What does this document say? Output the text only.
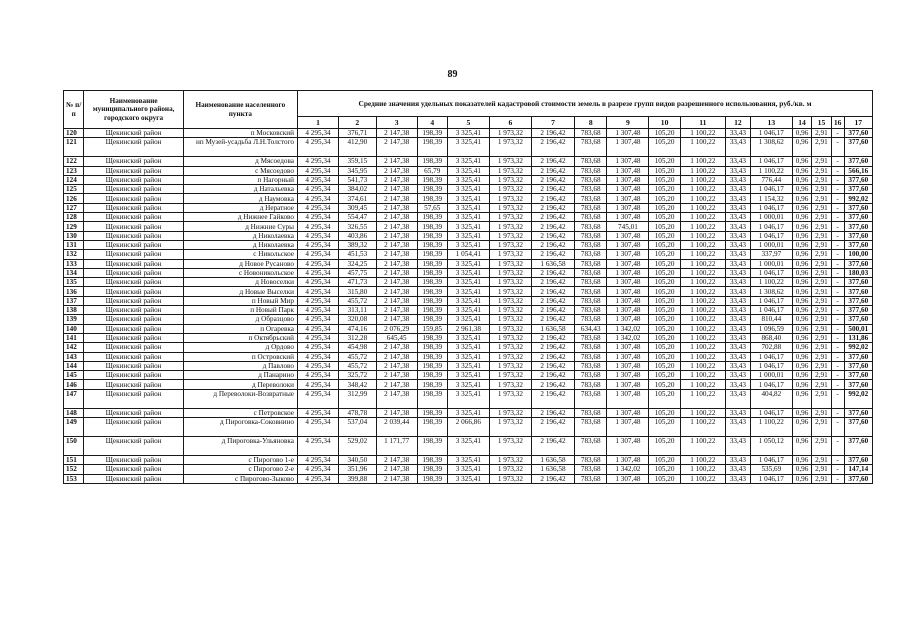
89
№ п/п	Наименование муниципального района, городского округа	Наименование населенного пункта	Средние значения удельных показателей кадастровой стоимости земель в разрезе групп видов разрешенного использования, руб./кв. м																
			1	2	3	4	5	6	7	8	9	10	11	12	13	14	15	16	17
120	Щекинский район	п Московский	4 295,34	376,71	2 147,38	198,39	3 325,41	1 973,32	2 196,42	783,68	1 307,48	105,20	1 100,22	33,43	1 046,17	0,96	2,91	-	377,60
121	Щекинский район	нп Музей-усадьба Л.Н.Толстого	4 295,34	412,90	2 147,38	198,39	3 325,41	1 973,32	2 196,42	783,68	1 307,48	105,20	1 100,22	33,43	1 308,62	0,96	2,91	-	377,60
122	Щекинский район	д Мясоедова	4 295,34	359,15	2 147,38	198,39	3 325,41	1 973,32	2 196,42	783,68	1 307,48	105,20	1 100,22	33,43	1 046,17	0,96	2,91	-	377,60
123	Щекинский район	с Мясоедово	4 295,34	345,95	2 147,38	65,79	3 325,41	1 973,32	2 196,42	783,68	1 307,48	105,20	1 100,22	33,43	1 100,22	0,96	2,91	-	566,16
124	Щекинский район	п Нагорный	4 295,34	541,73	2 147,38	198,39	3 325,41	1 973,32	2 196,42	783,68	1 307,48	105,20	1 100,22	33,43	776,44	0,96	2,91	-	377,60
125	Щекинский район	д Натальевка	4 295,34	384,02	2 147,38	198,39	3 325,41	1 973,32	2 196,42	783,68	1 307,48	105,20	1 100,22	33,43	1 046,17	0,96	2,91	-	377,60
126	Щекинский район	д Наумовка	4 295,34	374,61	2 147,38	198,39	3 325,41	1 973,32	2 196,42	783,68	1 307,48	105,20	1 100,22	33,43	1 154,32	0,96	2,91	-	992,02
127	Щекинский район	д Нератное	4 295,34	309,45	2 147,38	57,65	3 325,41	1 973,32	2 196,42	783,68	1 307,48	105,20	1 100,22	33,43	1 046,17	0,96	2,91	-	377,60
128	Щекинский район	д Нижнее Гайково	4 295,34	554,47	2 147,38	198,39	3 325,41	1 973,32	2 196,42	783,68	1 307,48	105,20	1 100,22	33,43	1 000,01	0,96	2,91	-	377,60
129	Щекинский район	д Нижние Суры	4 295,34	326,55	2 147,38	198,39	3 325,41	1 973,32	2 196,42	783,68	745,01	105,20	1 100,22	33,43	1 046,17	0,96	2,91	-	377,60
130	Щекинский район	д Николаевка	4 295,34	403,86	2 147,38	198,39	3 325,41	1 973,32	2 196,42	783,68	1 307,48	105,20	1 100,22	33,43	1 046,17	0,96	2,91	-	377,60
131	Щекинский район	д Николаевка	4 295,34	389,32	2 147,38	198,39	3 325,41	1 973,32	2 196,42	783,68	1 307,48	105,20	1 100,22	33,43	1 000,01	0,96	2,91	-	377,60
132	Щекинский район	с Никольское	4 295,34	451,53	2 147,38	198,39	1 054,41	1 973,32	2 196,42	783,68	1 307,48	105,20	1 100,22	33,43	337,97	0,96	2,91	-	100,00
133	Щекинский район	д Новое Русаново	4 295,34	324,25	2 147,38	198,39	3 325,41	1 973,32	1 636,58	783,68	1 307,48	105,20	1 100,22	33,43	1 000,01	0,96	2,91	-	377,60
134	Щекинский район	с Новоникольское	4 295,34	457,75	2 147,38	198,39	3 325,41	1 973,32	2 196,42	783,68	1 307,48	105,20	1 100,22	33,43	1 046,17	0,96	2,91	-	180,03
135	Щекинский район	д Новоселки	4 295,34	471,73	2 147,38	198,39	3 325,41	1 973,32	2 196,42	783,68	1 307,48	105,20	1 100,22	33,43	1 100,22	0,96	2,91	-	377,60
136	Щекинский район	д Новые Выселки	4 295,34	315,80	2 147,38	198,39	3 325,41	1 973,32	2 196,42	783,68	1 307,48	105,20	1 100,22	33,43	1 308,62	0,96	2,91	-	377,60
137	Щекинский район	п Новый Мир	4 295,34	455,72	2 147,38	198,39	3 325,41	1 973,32	2 196,42	783,68	1 307,48	105,20	1 100,22	33,43	1 046,17	0,96	2,91	-	377,60
138	Щекинский район	п Новый Парк	4 295,34	313,11	2 147,38	198,39	3 325,41	1 973,32	2 196,42	783,68	1 307,48	105,20	1 100,22	33,43	1 046,17	0,96	2,91	-	377,60
139	Щекинский район	д Образцово	4 295,34	320,08	2 147,38	198,39	3 325,41	1 973,32	2 196,42	783,68	1 307,48	105,20	1 100,22	33,43	810,44	0,96	2,91	-	377,60
140	Щекинский район	п Огаревка	4 295,34	474,16	2 076,29	159,85	2 961,38	1 973,32	1 636,58	634,43	1 342,02	105,20	1 100,22	33,43	1 096,59	0,96	2,91	-	500,01
141	Щекинский район	п Октябрьский	4 295,34	312,28	645,45	198,39	3 325,41	1 973,32	2 196,42	783,68	1 342,02	105,20	1 100,22	33,43	868,40	0,96	2,91	-	131,86
142	Щекинский район	д Ордово	4 295,34	454,98	2 147,38	198,39	3 325,41	1 973,32	2 196,42	783,68	1 307,48	105,20	1 100,22	33,43	702,88	0,96	2,91	-	992,02
143	Щекинский район	п Островский	4 295,34	455,72	2 147,38	198,39	3 325,41	1 973,32	2 196,42	783,68	1 307,48	105,20	1 100,22	33,43	1 046,17	0,96	2,91	-	377,60
144	Щекинский район	д Павлово	4 295,34	455,72	2 147,38	198,39	3 325,41	1 973,32	2 196,42	783,68	1 307,48	105,20	1 100,22	33,43	1 046,17	0,96	2,91	-	377,60
145	Щекинский район	д Панарино	4 295,34	325,72	2 147,38	198,39	3 325,41	1 973,32	2 196,42	783,68	1 307,48	105,20	1 100,22	33,43	1 000,01	0,96	2,91	-	377,60
146	Щекинский район	д Переволоки	4 295,34	348,42	2 147,38	198,39	3 325,41	1 973,32	2 196,42	783,68	1 307,48	105,20	1 100,22	33,43	1 046,17	0,96	2,91	-	377,60
147	Щекинский район	д Переволоки-Возвратные	4 295,34	312,99	2 147,38	198,39	3 325,41	1 973,32	2 196,42	783,68	1 307,48	105,20	1 100,22	33,43	404,82	0,96	2,91	-	992,02
148	Щекинский район	с Петровское	4 295,34	478,78	2 147,38	198,39	3 325,41	1 973,32	2 196,42	783,68	1 307,48	105,20	1 100,22	33,43	1 046,17	0,96	2,91	-	377,60
149	Щекинский район	д Пироговка-Соковнино	4 295,34	537,04	2 039,44	198,39	2 066,86	1 973,32	2 196,42	783,68	1 307,48	105,20	1 100,22	33,43	1 100,22	0,96	2,91	-	377,60
150	Щекинский район	д Пироговка-Ульяновка	4 295,34	529,02	1 171,77	198,39	3 325,41	1 973,32	2 196,42	783,68	1 307,48	105,20	1 100,22	33,43	1 050,12	0,96	2,91	-	377,60
151	Щекинский район	с Пирогово 1-е	4 295,34	340,50	2 147,38	198,39	3 325,41	1 973,32	1 636,58	783,68	1 307,48	105,20	1 100,22	33,43	1 046,17	0,96	2,91	-	377,60
152	Щекинский район	с Пирогово 2-е	4 295,34	351,96	2 147,38	198,39	3 325,41	1 973,32	1 636,58	783,68	1 342,02	105,20	1 100,22	33,43	535,69	0,96	2,91	-	147,14
153	Щекинский район	с Пирогово-Зыково	4 295,34	399,88	2 147,38	198,39	3 325,41	1 973,32	2 196,42	783,68	1 307,48	105,20	1 100,22	33,43	1 046,17	0,96	2,91	-	377,60
